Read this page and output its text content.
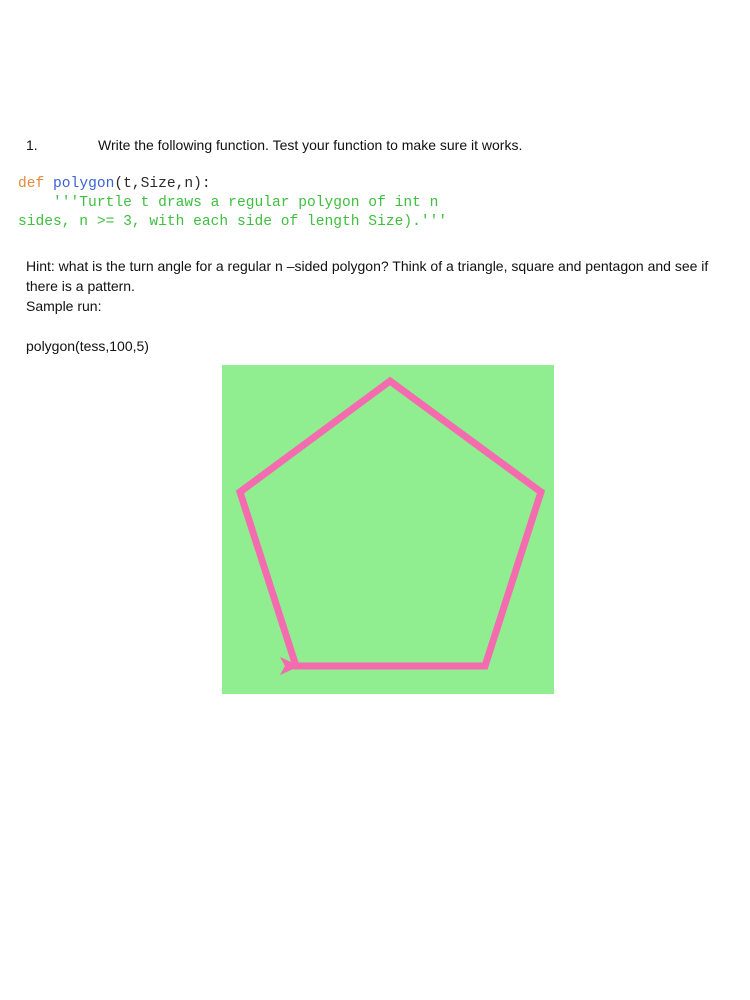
1.	Write the following function. Test your function to make sure it works.
def polygon(t,Size,n):
'''Turtle t draws a regular polygon of int n
sides, n >= 3, with each side of length Size).'''

Hint: what is the turn angle for a regular n –sided polygon? Think of a triangle, square and pentagon and see if there is a pattern.

Sample run:
polygon(tess,100,5)
